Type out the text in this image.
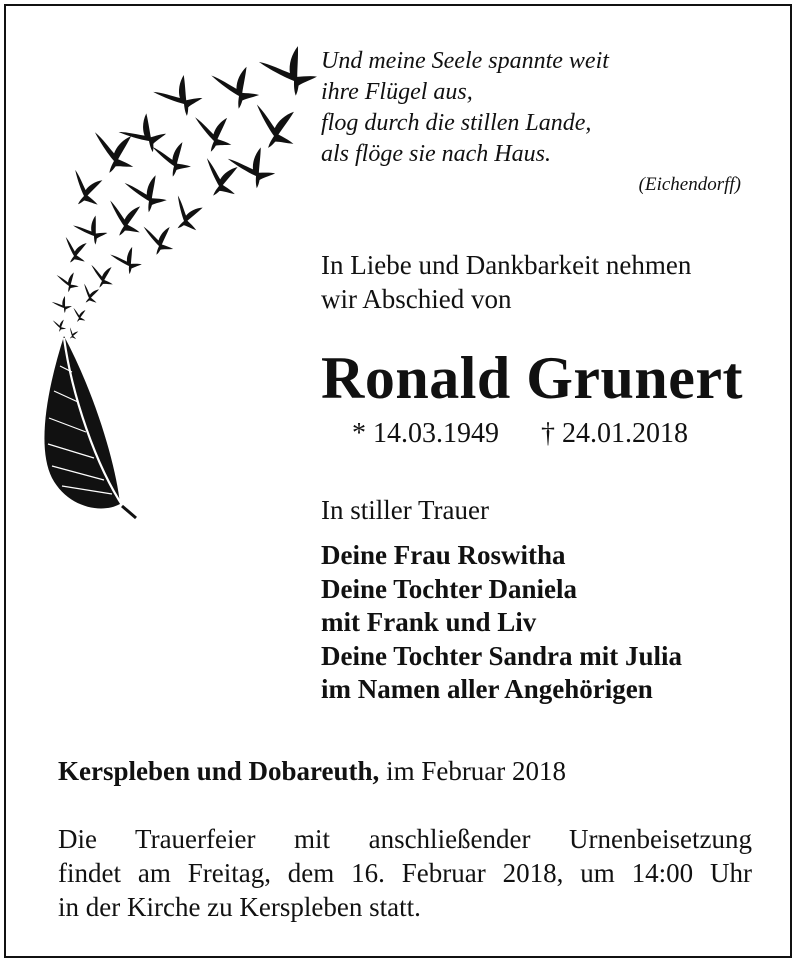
Und meine Seele spannte weit
ihre Flügel aus,
flog durch die stillen Lande,
als flöge sie nach Haus.
(Eichendorff)
In Liebe und Dankbarkeit nehmen
wir Abschied von
Ronald Grunert
* 14.03.1949 † 24.01.2018
In stiller Trauer
Deine Frau Roswitha
Deine Tochter Daniela
mit Frank und Liv
Deine Tochter Sandra mit Julia
im Namen aller Angehörigen
Kerspleben und Dobareuth, im Februar 2018
Die Trauerfeier mit anschließender Urnenbeisetzung
findet am Freitag, dem 16. Februar 2018, um 14:00 Uhr
in der Kirche zu Kerspleben statt.
